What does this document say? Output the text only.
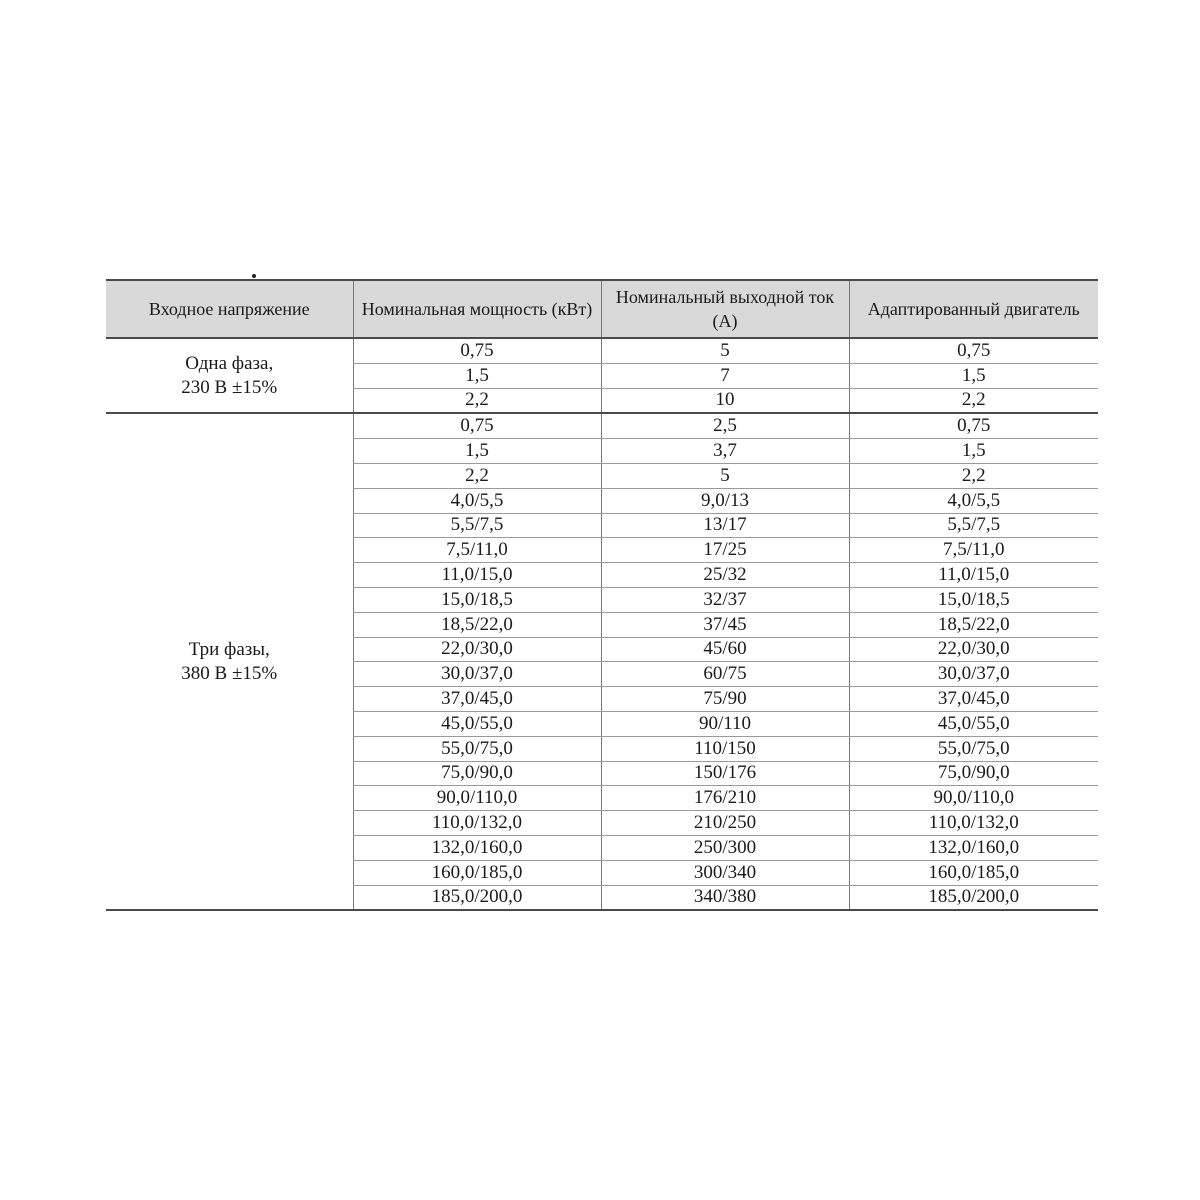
Входное напряжение	Номинальная мощность (кВт)	Номинальный выходной ток (А)	Адаптированный двигатель
Одна фаза,
230 В ±15%	0,75	5	0,75
	1,5	7	1,5
	2,2	10	2,2
Три фазы,
380 В ±15%	0,75	2,5	0,75
	1,5	3,7	1,5
	2,2	5	2,2
	4,0/5,5	9,0/13	4,0/5,5
	5,5/7,5	13/17	5,5/7,5
	7,5/11,0	17/25	7,5/11,0
	11,0/15,0	25/32	11,0/15,0
	15,0/18,5	32/37	15,0/18,5
	18,5/22,0	37/45	18,5/22,0
	22,0/30,0	45/60	22,0/30,0
	30,0/37,0	60/75	30,0/37,0
	37,0/45,0	75/90	37,0/45,0
	45,0/55,0	90/110	45,0/55,0
	55,0/75,0	110/150	55,0/75,0
	75,0/90,0	150/176	75,0/90,0
	90,0/110,0	176/210	90,0/110,0
	110,0/132,0	210/250	110,0/132,0
	132,0/160,0	250/300	132,0/160,0
	160,0/185,0	300/340	160,0/185,0
	185,0/200,0	340/380	185,0/200,0
